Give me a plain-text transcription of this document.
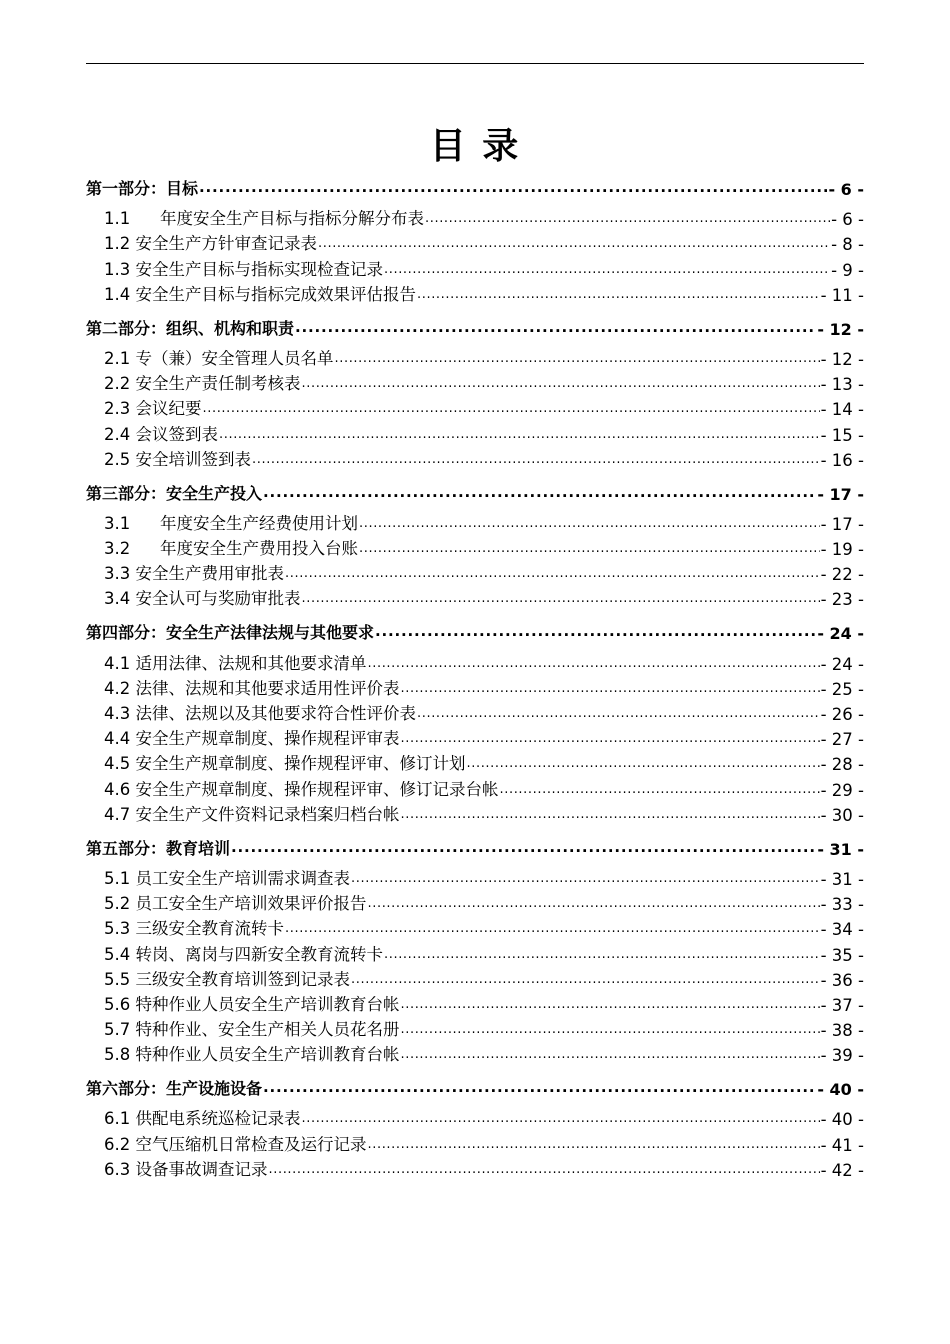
目 录
第一部分：目标 .....	- 6 -
1.1 年度安全生产目标与指标分解分布表 .....	- 6 -
1.2 安全生产方针审查记录表 .....	- 8 -
1.3 安全生产目标与指标实现检查记录 .....	- 9 -
1.4 安全生产目标与指标完成效果评估报告 .....	- 11 -
第二部分：组织、机构和职责 .....	- 12 -
2.1 专（兼）安全管理人员名单 .....	- 12 -
2.2 安全生产责任制考核表 .....	- 13 -
2.3 会议纪要 .....	- 14 -
2.4 会议签到表 .....	- 15 -
2.5 安全培训签到表 .....	- 16 -
第三部分：安全生产投入 .....	- 17 -
3.1 年度安全生产经费使用计划 .....	- 17 -
3.2 年度安全生产费用投入台账 .....	- 19 -
3.3 安全生产费用审批表 .....	- 22 -
3.4 安全认可与奖励审批表 .....	- 23 -
第四部分：安全生产法律法规与其他要求 .....	- 24 -
4.1 适用法律、法规和其他要求清单 .....	- 24 -
4.2 法律、法规和其他要求适用性评价表 .....	- 25 -
4.3 法律、法规以及其他要求符合性评价表 .....	- 26 -
4.4 安全生产规章制度、操作规程评审表 .....	- 27 -
4.5 安全生产规章制度、操作规程评审、修订计划 .....	- 28 -
4.6 安全生产规章制度、操作规程评审、修订记录台帐 .....	- 29 -
4.7 安全生产文件资料记录档案归档台帐 .....	- 30 -
第五部分：教育培训 .....	- 31 -
5.1 员工安全生产培训需求调查表 .....	- 31 -
5.2 员工安全生产培训效果评价报告 .....	- 33 -
5.3 三级安全教育流转卡 .....	- 34 -
5.4 转岗、离岗与四新安全教育流转卡 .....	- 35 -
5.5 三级安全教育培训签到记录表 .....	- 36 -
5.6 特种作业人员安全生产培训教育台帐 .....	- 37 -
5.7 特种作业、安全生产相关人员花名册 .....	- 38 -
5.8 特种作业人员安全生产培训教育台帐 .....	- 39 -
第六部分：生产设施设备 .....	- 40 -
6.1 供配电系统巡检记录表 .....	- 40 -
6.2 空气压缩机日常检查及运行记录 .....	- 41 -
6.3 设备事故调查记录 .....	- 42 -
